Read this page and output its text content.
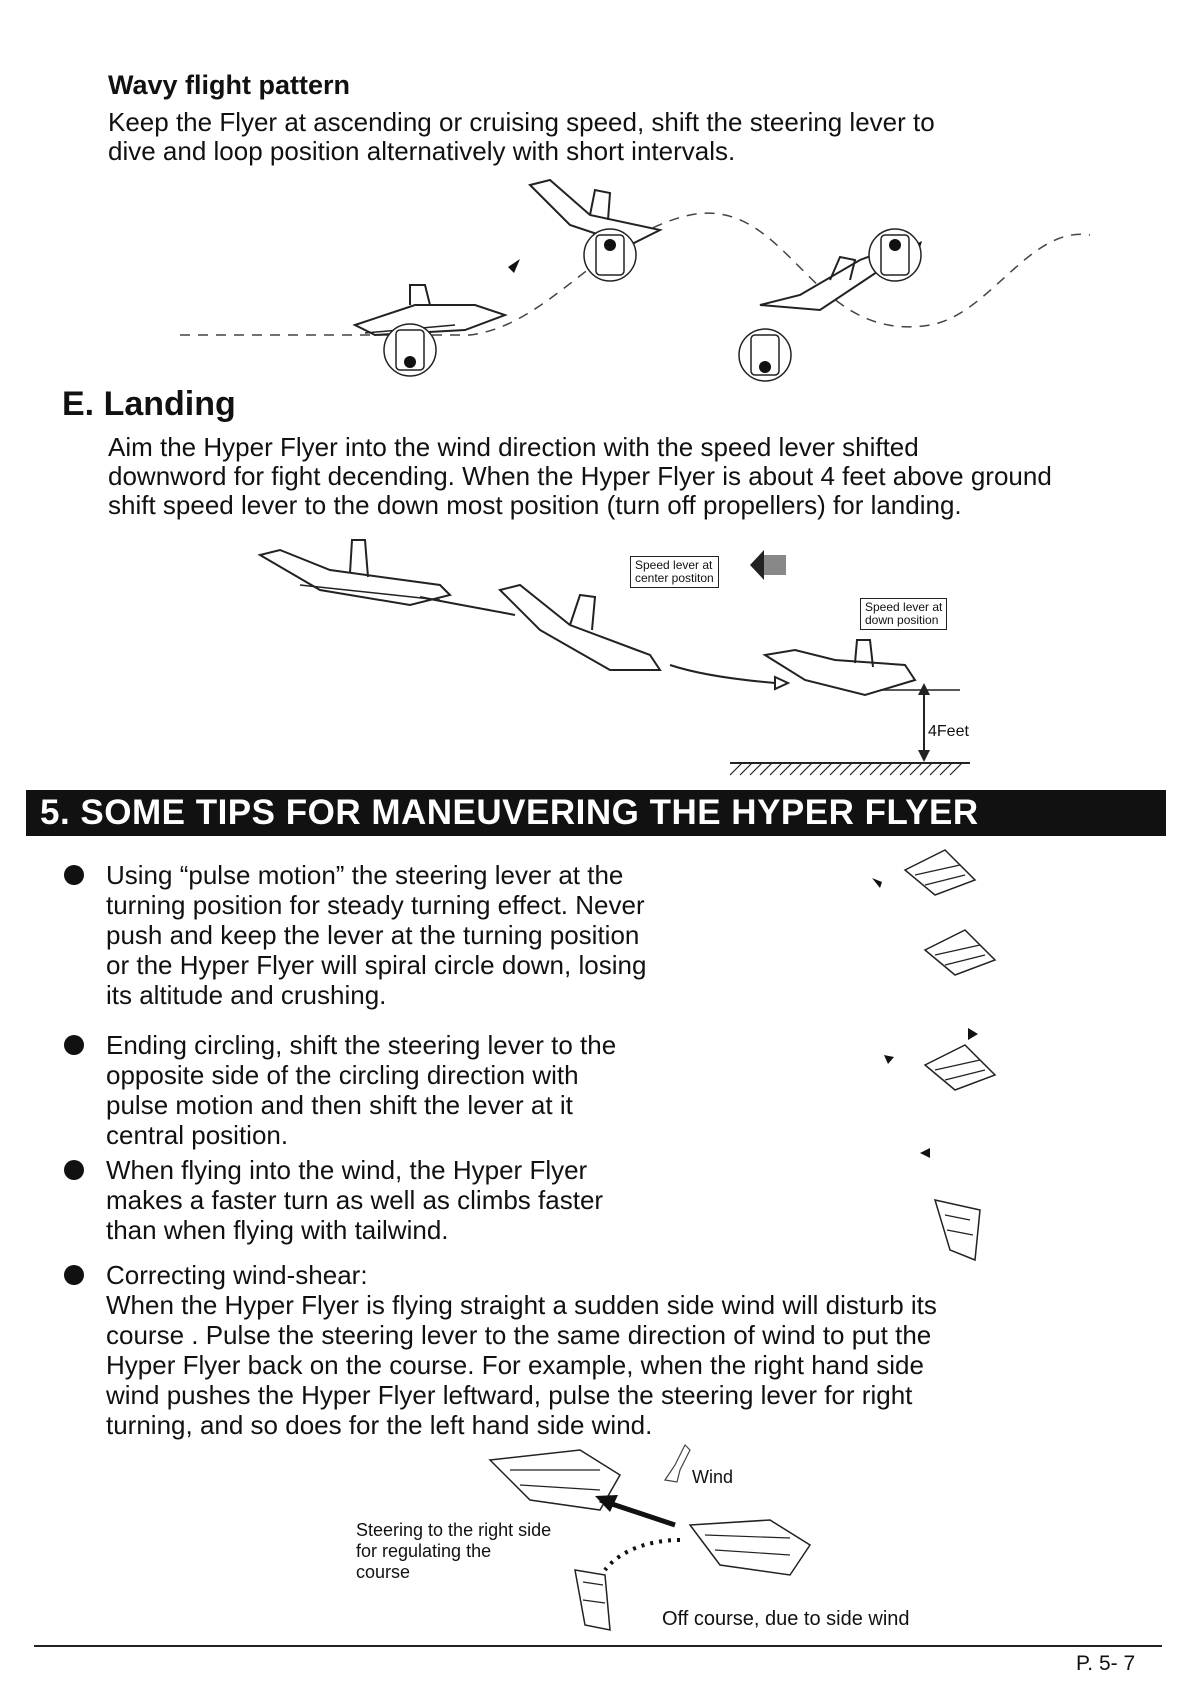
Wavy flight pattern
Keep the Flyer at ascending or cruising speed, shift the steering lever to
dive and loop position alternatively with short intervals.
E. Landing
Aim the Hyper Flyer into the wind direction with the speed lever shifted
downword for fight decending. When the Hyper Flyer is about 4 feet above ground
shift speed lever to the down most position (turn off propellers) for landing.
Speed lever at
center postiton
Speed lever at
down position
4Feet
5. SOME TIPS FOR MANEUVERING THE HYPER FLYER
Using “pulse motion” the steering lever at the
turning position for steady turning effect. Never
push and keep the lever at the turning position
or the Hyper Flyer will spiral circle down, losing
its altitude and crushing.
Ending circling, shift the steering lever to the
opposite side of the circling direction with
pulse motion and then shift the lever at it
central position.
When flying into the wind, the Hyper Flyer
makes a faster turn as well as climbs faster
than when flying with tailwind.
Correcting wind-shear:
When the Hyper Flyer is flying straight a sudden side wind will disturb its
course . Pulse the steering lever to the same direction of wind to put the
Hyper Flyer back on the course. For example, when the right hand side
wind pushes the Hyper Flyer leftward, pulse the steering lever for right
turning, and so does for the left hand side wind.
Wind
Steering to the right side
for regulating the
course
Off course, due to side wind
P. 5- 7
